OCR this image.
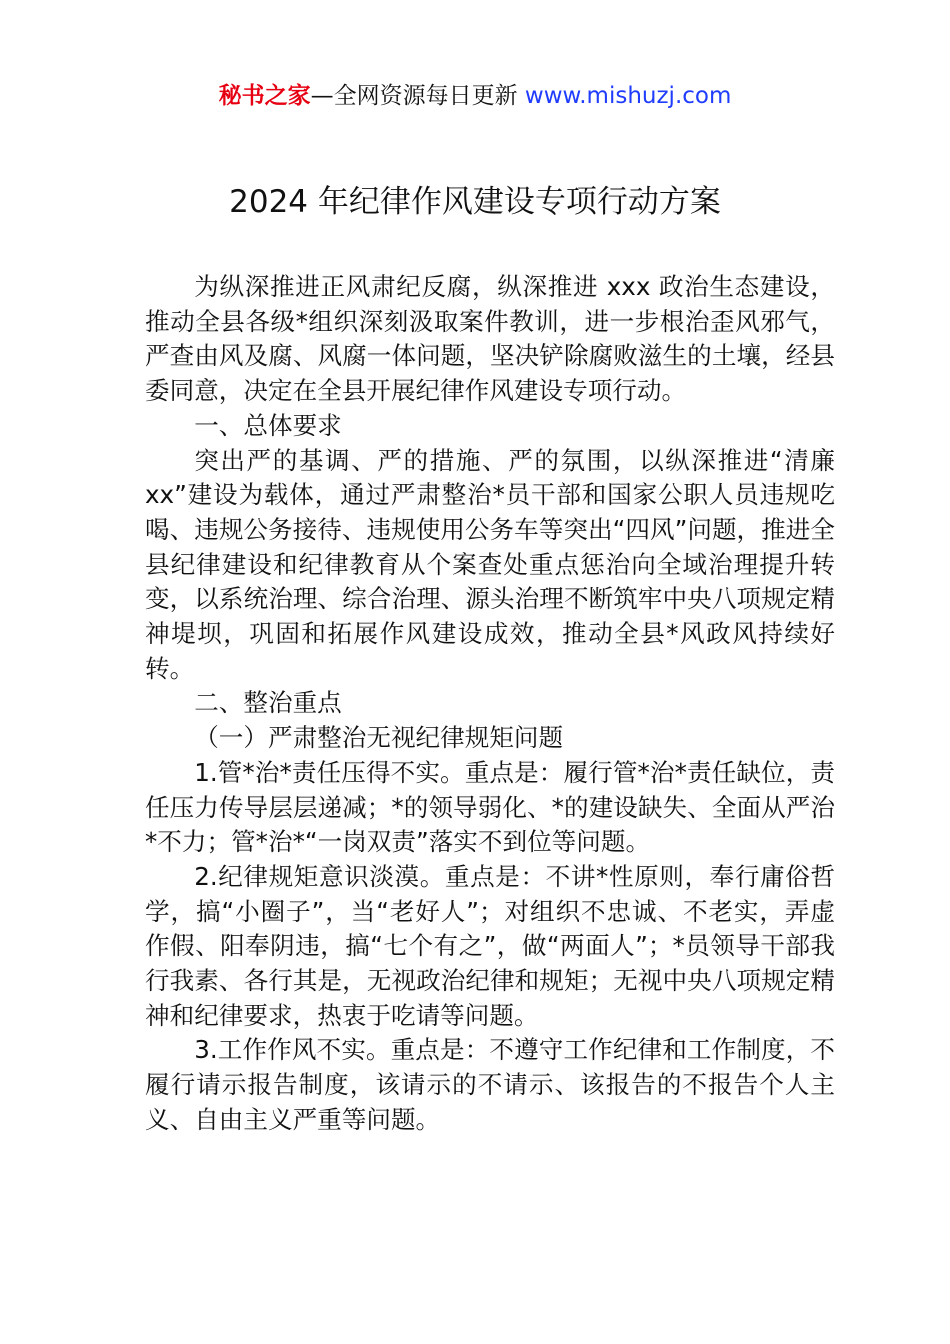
秘书之家—全网资源每日更新 www.mishuzj.com
2024 年纪律作风建设专项行动方案

为纵深推进正风肃纪反腐，纵深推进 xxx 政治生态建设，推动全县各级*组织深刻汲取案件教训，进一步根治歪风邪气，严查由风及腐、风腐一体问题，坚决铲除腐败滋生的土壤，经县委同意，决定在全县开展纪律作风建设专项行动。

一、总体要求

突出严的基调、严的措施、严的氛围，以纵深推进“清廉 xx”建设为载体，通过严肃整治*员干部和国家公职人员违规吃喝、违规公务接待、违规使用公务车等突出“四风”问题，推进全县纪律建设和纪律教育从个案查处重点惩治向全域治理提升转变，以系统治理、综合治理、源头治理不断筑牢中央八项规定精神堤坝，巩固和拓展作风建设成效，推动全县*风政风持续好转。

二、整治重点

（一）严肃整治无视纪律规矩问题

1.管*治*责任压得不实。重点是：履行管*治*责任缺位，责任压力传导层层递减；*的领导弱化、*的建设缺失、全面从严治*不力；管*治*“一岗双责”落实不到位等问题。

2.纪律规矩意识淡漠。重点是：不讲*性原则，奉行庸俗哲学，搞“小圈子”，当“老好人”；对组织不忠诚、不老实，弄虚作假、阳奉阴违，搞“七个有之”，做“两面人”；*员领导干部我行我素、各行其是，无视政治纪律和规矩；无视中央八项规定精神和纪律要求，热衷于吃请等问题。

3.工作作风不实。重点是：不遵守工作纪律和工作制度，不履行请示报告制度，该请示的不请示、该报告的不报告个人主义、自由主义严重等问题。
